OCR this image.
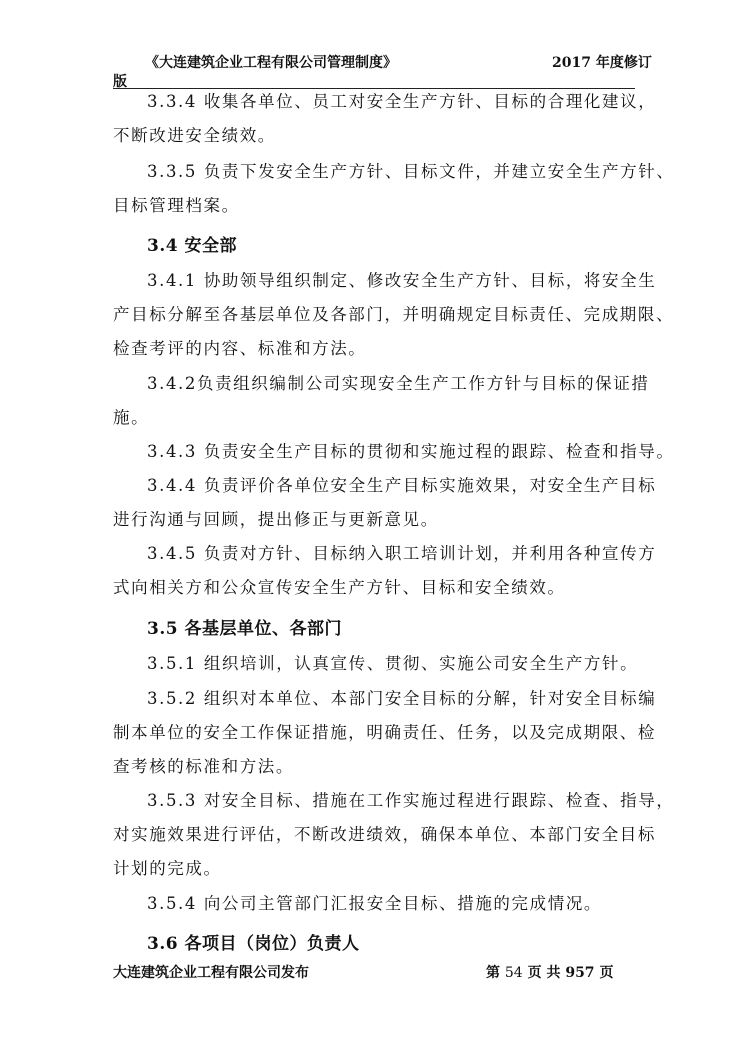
《大连建筑企业工程有限公司管理制度》	2017 年度修订
版
3.3.4 收集各单位、员工对安全生产方针、目标的合理化建议，
不断改进安全绩效。
3.3.5 负责下发安全生产方针、目标文件，并建立安全生产方针、
目标管理档案。
3.4 安全部
3.4.1 协助领导组织制定、修改安全生产方针、目标，将安全生
产目标分解至各基层单位及各部门，并明确规定目标责任、完成期限、
检查考评的内容、标准和方法。
3.4.2负责组织编制公司实现安全生产工作方针与目标的保证措
施。
3.4.3 负责安全生产目标的贯彻和实施过程的跟踪、检查和指导。
3.4.4 负责评价各单位安全生产目标实施效果，对安全生产目标
进行沟通与回顾，提出修正与更新意见。
3.4.5 负责对方针、目标纳入职工培训计划，并利用各种宣传方
式向相关方和公众宣传安全生产方针、目标和安全绩效。
3.5 各基层单位、各部门
3.5.1 组织培训，认真宣传、贯彻、实施公司安全生产方针。
3.5.2 组织对本单位、本部门安全目标的分解，针对安全目标编
制本单位的安全工作保证措施，明确责任、任务，以及完成期限、检
查考核的标准和方法。
3.5.3 对安全目标、措施在工作实施过程进行跟踪、检查、指导，
对实施效果进行评估，不断改进绩效，确保本单位、本部门安全目标
计划的完成。
3.5.4 向公司主管部门汇报安全目标、措施的完成情况。
3.6 各项目（岗位）负责人
大连建筑企业工程有限公司发布	第 54 页 共 957 页
